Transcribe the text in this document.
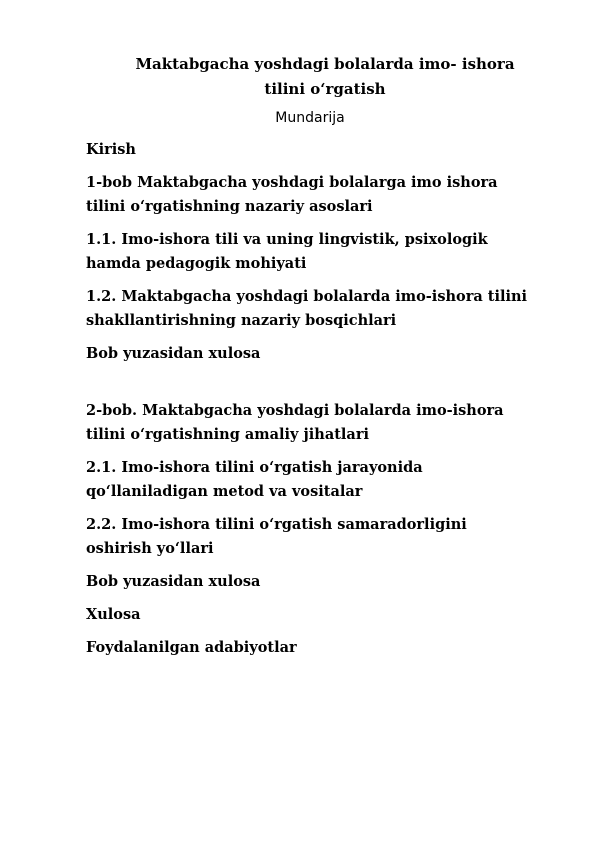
Maktabgacha yoshdagi bolalarda imo- ishora tilini o‘rgatish
Mundarija
Kirish
1-bob Maktabgacha yoshdagi bolalarga imo ishora tilini o‘rgatishning nazariy asoslari
1.1. Imo-ishora tili va uning lingvistik, psixologik hamda pedagogik mohiyati
1.2. Maktabgacha yoshdagi bolalarda imo-ishora tilini shakllantirishning nazariy bosqichlari
Bob yuzasidan xulosa
2-bob. Maktabgacha yoshdagi bolalarda imo-ishora tilini o‘rgatishning amaliy jihatlari
2.1. Imo-ishora tilini o‘rgatish jarayonida qo‘llaniladigan metod va vositalar
2.2. Imo-ishora tilini o‘rgatish samaradorligini oshirish yo‘llari
Bob yuzasidan xulosa
Xulosa
Foydalanilgan adabiyotlar
